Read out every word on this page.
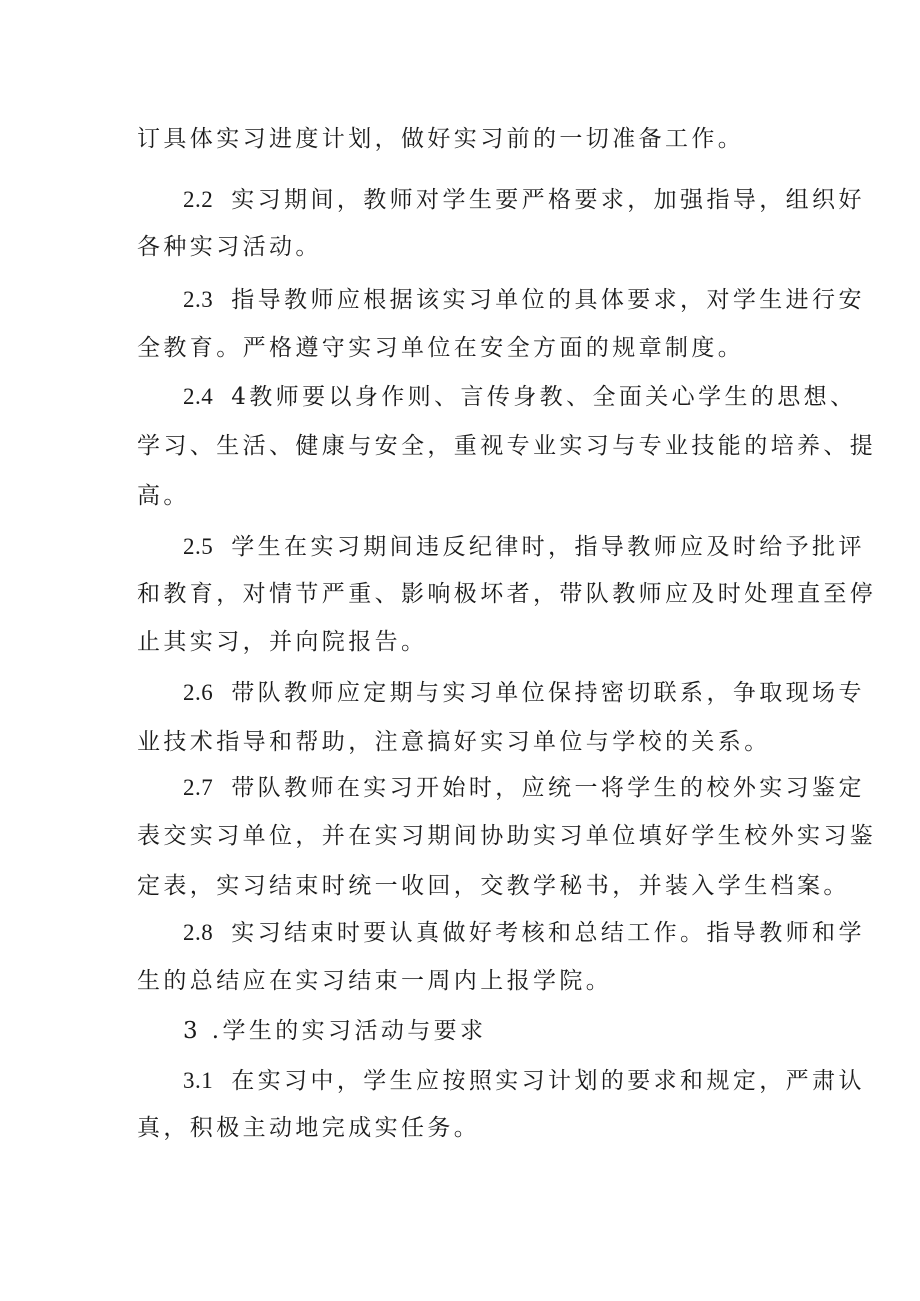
订具体实习进度计划，做好实习前的一切准备工作。
2.2 实习期间，教师对学生要严格要求，加强指导，组织好
各种实习活动。
2.3 指导教师应根据该实习单位的具体要求，对学生进行安
全教育。严格遵守实习单位在安全方面的规章制度。
2.4 4教师要以身作则、言传身教、全面关心学生的思想、
学习、生活、健康与安全，重视专业实习与专业技能的培养、提
高。
2.5 学生在实习期间违反纪律时，指导教师应及时给予批评
和教育，对情节严重、影响极坏者，带队教师应及时处理直至停
止其实习，并向院报告。
2.6 带队教师应定期与实习单位保持密切联系，争取现场专
业技术指导和帮助，注意搞好实习单位与学校的关系。
2.7 带队教师在实习开始时，应统一将学生的校外实习鉴定
表交实习单位，并在实习期间协助实习单位填好学生校外实习鉴
定表，实习结束时统一收回，交教学秘书，并装入学生档案。
2.8 实习结束时要认真做好考核和总结工作。指导教师和学
生的总结应在实习结束一周内上报学院。
3 .学生的实习活动与要求
3.1 在实习中，学生应按照实习计划的要求和规定，严肃认
真，积极主动地完成实任务。
